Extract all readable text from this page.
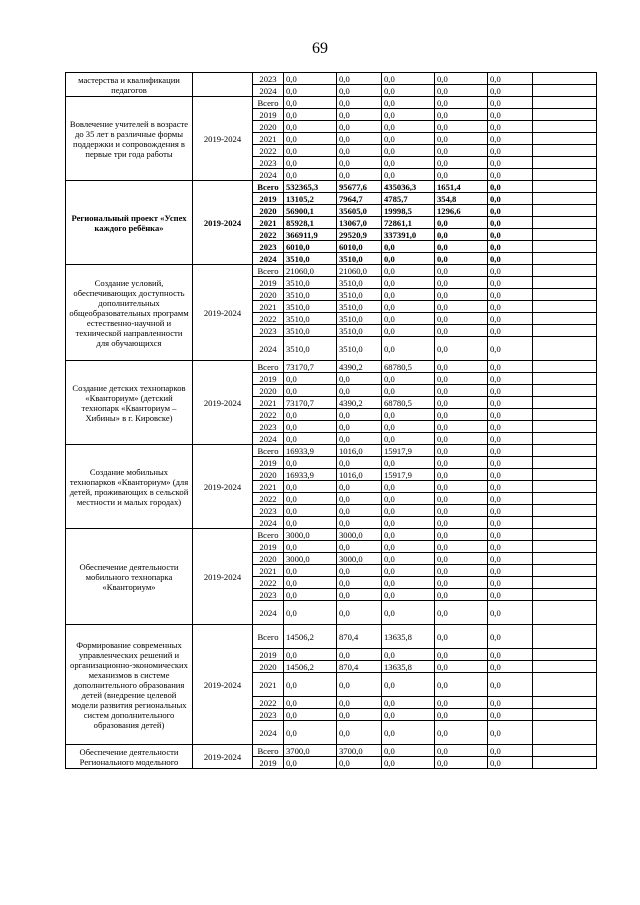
69
мастерства и квалификации педагогов		2023	0,0	0,0	0,0	0,0	0,0		
		2024	0,0	0,0	0,0	0,0	0,0		
Вовлечение учителей в возрасте до 35 лет в различные формы поддержки и сопровождения в первые три года работы	2019-2024	Всего	0,0	0,0	0,0	0,0	0,0		
		2019	0,0	0,0	0,0	0,0	0,0		
		2020	0,0	0,0	0,0	0,0	0,0		
		2021	0,0	0,0	0,0	0,0	0,0		
		2022	0,0	0,0	0,0	0,0	0,0		
		2023	0,0	0,0	0,0	0,0	0,0		
		2024	0,0	0,0	0,0	0,0	0,0		
Региональный проект «Успех каждого ребёнка»	2019-2024	Всего	532365,3	95677,6	435036,3	1651,4	0,0		
		2019	13105,2	7964,7	4785,7	354,8	0,0		
		2020	56900,1	35605,0	19998,5	1296,6	0,0		
		2021	85928,1	13067,0	72861,1	0,0	0,0		
		2022	366911,9	29520,9	337391,0	0,0	0,0		
		2023	6010,0	6010,0	0,0	0,0	0,0		
		2024	3510,0	3510,0	0,0	0,0	0,0		
Создание условий, обеспечивающих доступность дополнительных общеобразовательных программ естественно-научной и технической направленности для обучающихся	2019-2024	Всего	21060,0	21060,0	0,0	0,0	0,0		
		2019	3510,0	3510,0	0,0	0,0	0,0		
		2020	3510,0	3510,0	0,0	0,0	0,0		
		2021	3510,0	3510,0	0,0	0,0	0,0		
		2022	3510,0	3510,0	0,0	0,0	0,0		
		2023	3510,0	3510,0	0,0	0,0	0,0		
		2024	3510,0	3510,0	0,0	0,0	0,0		
Создание детских технопарков «Кванториум» (детский технопарк «Кванториум – Хибины» в г. Кировске)	2019-2024	Всего	73170,7	4390,2	68780,5	0,0	0,0		
		2019	0,0	0,0	0,0	0,0	0,0		
		2020	0,0	0,0	0,0	0,0	0,0		
		2021	73170,7	4390,2	68780,5	0,0	0,0		
		2022	0,0	0,0	0,0	0,0	0,0		
		2023	0,0	0,0	0,0	0,0	0,0		
		2024	0,0	0,0	0,0	0,0	0,0		
Создание мобильных технопарков «Кванториум» (для детей, проживающих в сельской местности и малых городах)	2019-2024	Всего	16933,9	1016,0	15917,9	0,0	0,0		
		2019	0,0	0,0	0,0	0,0	0,0		
		2020	16933,9	1016,0	15917,9	0,0	0,0		
		2021	0,0	0,0	0,0	0,0	0,0		
		2022	0,0	0,0	0,0	0,0	0,0		
		2023	0,0	0,0	0,0	0,0	0,0		
		2024	0,0	0,0	0,0	0,0	0,0		
Обеспечение деятельности мобильного технопарка «Кванториум»	2019-2024	Всего	3000,0	3000,0	0,0	0,0	0,0		
		2019	0,0	0,0	0,0	0,0	0,0		
		2020	3000,0	3000,0	0,0	0,0	0,0		
		2021	0,0	0,0	0,0	0,0	0,0		
		2022	0,0	0,0	0,0	0,0	0,0		
		2023	0,0	0,0	0,0	0,0	0,0		
		2024	0,0	0,0	0,0	0,0	0,0		
Формирование современных управленческих решений и организационно-экономических механизмов в системе дополнительного образования детей (внедрение целевой модели развития региональных систем дополнительного образования детей)	2019-2024	Всего	14506,2	870,4	13635,8	0,0	0,0		
		2019	0,0	0,0	0,0	0,0	0,0		
		2020	14506,2	870,4	13635,8	0,0	0,0		
		2021	0,0	0,0	0,0	0,0	0,0		
		2022	0,0	0,0	0,0	0,0	0,0		
		2023	0,0	0,0	0,0	0,0	0,0		
		2024	0,0	0,0	0,0	0,0	0,0		
Обеспечение деятельности Регионального модельного	2019-2024	Всего	3700,0	3700,0	0,0	0,0	0,0		
		2019	0,0	0,0	0,0	0,0	0,0		
